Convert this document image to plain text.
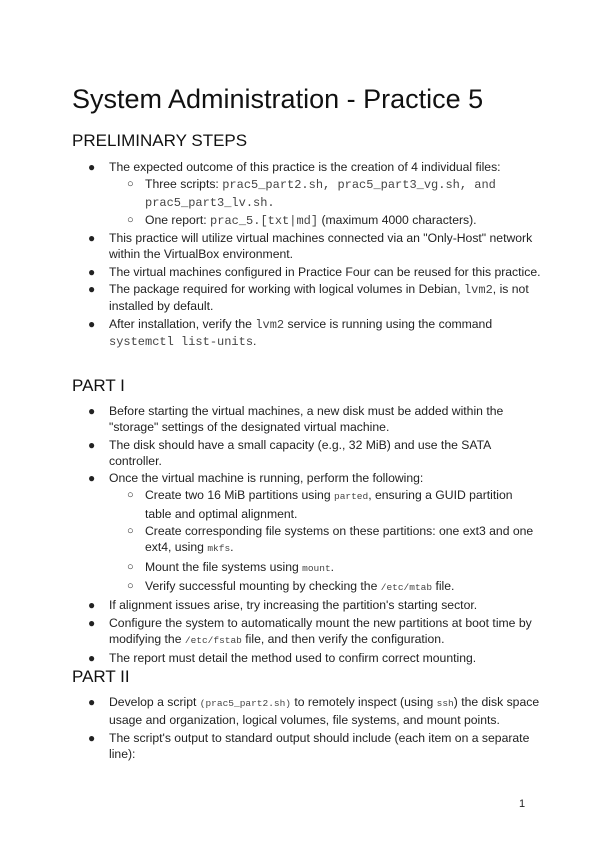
System Administration - Practice 5
PRELIMINARY STEPS
● The expected outcome of this practice is the creation of 4 individual files:
○ Three scripts: prac5_part2.sh, prac5_part3_vg.sh, and prac5_part3_lv.sh.
○ One report: prac_5.[txt|md] (maximum 4000 characters).
● This practice will utilize virtual machines connected via an "Only-Host" network within the VirtualBox environment.
● The virtual machines configured in Practice Four can be reused for this practice.
● The package required for working with logical volumes in Debian, lvm2, is not installed by default.
● After installation, verify the lvm2 service is running using the command systemctl list-units.
PART I
● Before starting the virtual machines, a new disk must be added within the "storage" settings of the designated virtual machine.
● The disk should have a small capacity (e.g., 32 MiB) and use the SATA controller.
● Once the virtual machine is running, perform the following:
○ Create two 16 MiB partitions using parted, ensuring a GUID partition table and optimal alignment.
○ Create corresponding file systems on these partitions: one ext3 and one ext4, using mkfs.
○ Mount the file systems using mount.
○ Verify successful mounting by checking the /etc/mtab file.
● If alignment issues arise, try increasing the partition's starting sector.
● Configure the system to automatically mount the new partitions at boot time by modifying the /etc/fstab file, and then verify the configuration.
● The report must detail the method used to confirm correct mounting.
PART II
● Develop a script (prac5_part2.sh) to remotely inspect (using ssh) the disk space usage and organization, logical volumes, file systems, and mount points.
● The script's output to standard output should include (each item on a separate line):
1
